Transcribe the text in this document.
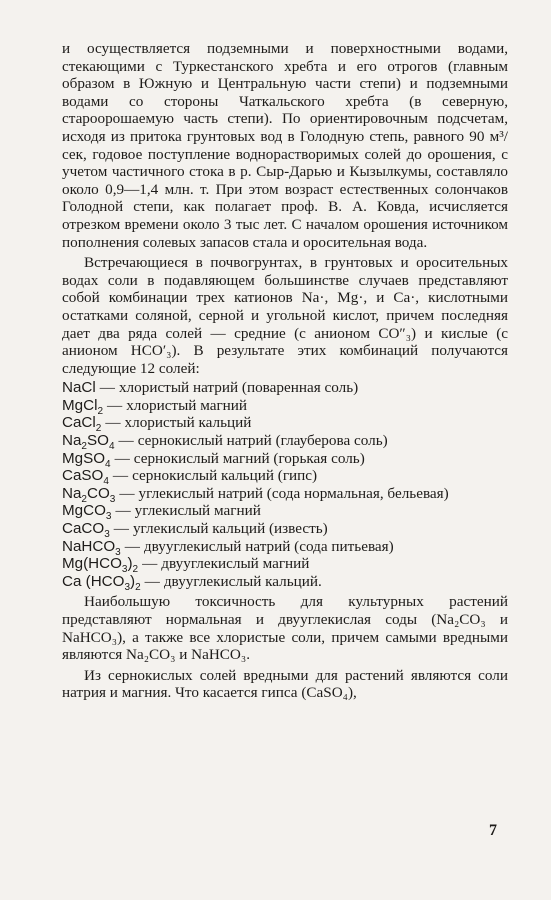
и осуществляется подземными и поверхностными водами, стекающими с Туркестанского хребта и его отрогов (главным образом в Южную и Центральную части степи) и подземными водами со стороны Чаткальского хребта (в северную, староорошаемую часть степи). По ориентировочным подсчетам, исходя из притока грунтовых вод в Голодную степь, равного 90 м³/сек, годовое поступление воднорастворимых солей до орошения, с учетом частичного стока в р. Сыр-Дарью и Кызылкумы, составляло около 0,9—1,4 млн. т. При этом возраст естественных солончаков Голодной степи, как полагает проф. В. А. Ковда, исчисляется отрезком времени около 3 тыс лет. С началом орошения источником пополнения солевых запасов стала и оросительная вода.

Встречающиеся в почвогрунтах, в грунтовых и оросительных водах соли в подавляющем большинстве случаев представляют собой комбинации трех катионов Na·, Mg·, и Ca·, кислотными остатками соляной, серной и угольной кислот, причем последняя дает два ряда солей — средние (с анионом CO″₃) и кислые (с анионом HCO′₃). В результате этих комбинаций получаются следующие 12 солей:

NaCl — хлористый натрий (поваренная соль)
MgCl$_2$ — хлористый магний
CaCl$_2$ — хлористый кальций
$Na_2SO_4$ — сернокислый натрий (глауберова соль)
MgSO$_4$ — сернокислый магний (горькая соль)
CaSO$_4$ — сернокислый кальций (гипс)
$Na_2CO_3$ — углекислый натрий (сода нормальная, бельевая)
MgCO$_3$ — углекислый магний
CaCO$_3$ — углекислый кальций (известь)
NaHCO$_3$ — двууглекислый натрий (сода питьевая)
$Mg(HCO_3)_2$ — двууглекислый магний
Ca $(HCO_3)_2$ — двууглекислый кальций.

Наибольшую токсичность для культурных растений представляют нормальная и двууглекислая соды (Na₂CO₃ и NaHCO₃), а также все хлористые соли, причем самыми вредными являются Na₂CO₃ и NaHCO₃.

Из сернокислых солей вредными для растений являются соли натрия и магния. Что касается гипса (CaSO₄),

7
